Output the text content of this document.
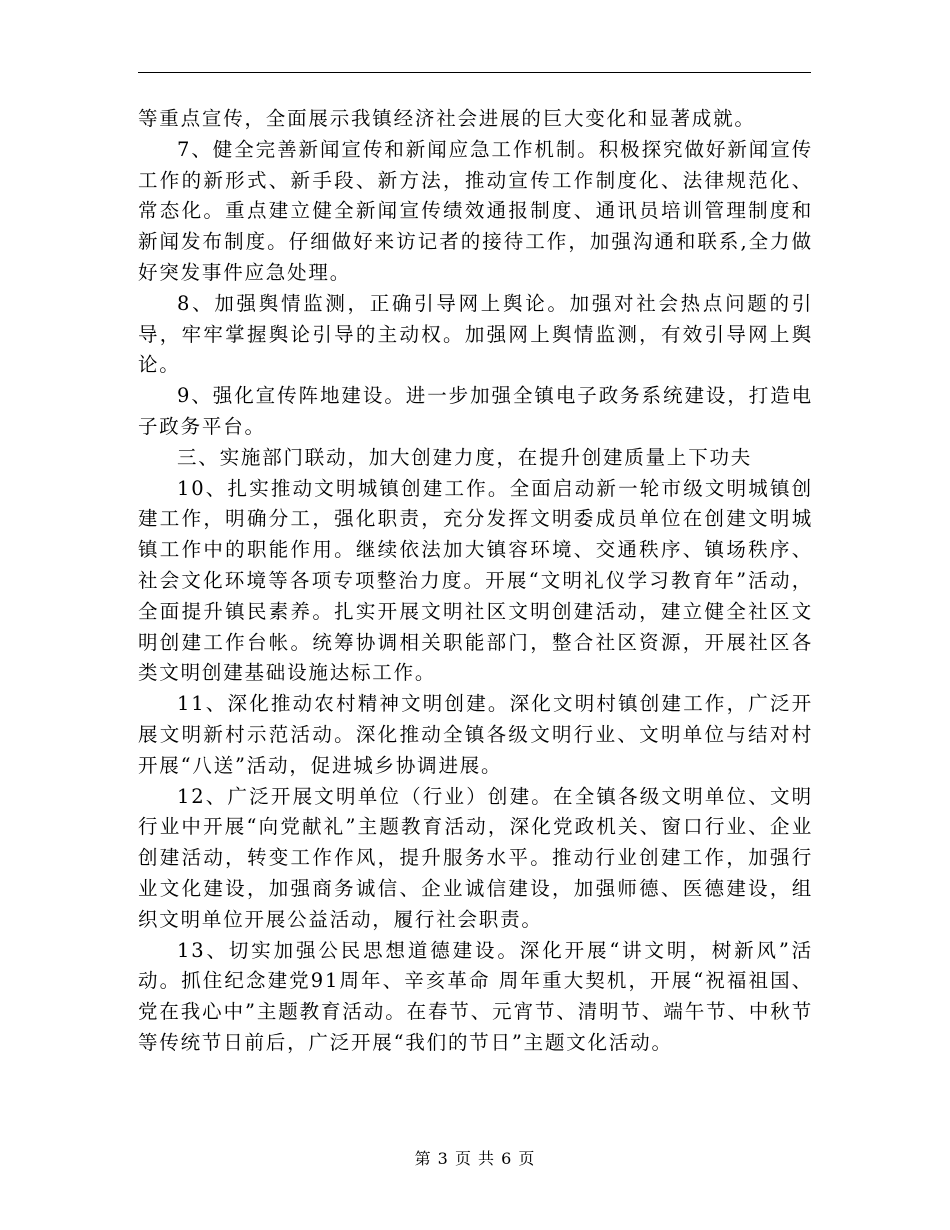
等重点宣传，全面展示我镇经济社会进展的巨大变化和显著成就。

7、健全完善新闻宣传和新闻应急工作机制。积极探究做好新闻宣传工作的新形式、新手段、新方法，推动宣传工作制度化、法律规范化、常态化。重点建立健全新闻宣传绩效通报制度、通讯员培训管理制度和新闻发布制度。仔细做好来访记者的接待工作，加强沟通和联系,全力做好突发事件应急处理。

8、加强舆情监测，正确引导网上舆论。加强对社会热点问题的引导，牢牢掌握舆论引导的主动权。加强网上舆情监测，有效引导网上舆论。

9、强化宣传阵地建设。进一步加强全镇电子政务系统建设，打造电子政务平台。

三、实施部门联动，加大创建力度，在提升创建质量上下功夫

10、扎实推动文明城镇创建工作。全面启动新一轮市级文明城镇创建工作，明确分工，强化职责，充分发挥文明委成员单位在创建文明城镇工作中的职能作用。继续依法加大镇容环境、交通秩序、镇场秩序、社会文化环境等各项专项整治力度。开展“文明礼仪学习教育年”活动，全面提升镇民素养。扎实开展文明社区文明创建活动，建立健全社区文明创建工作台帐。统筹协调相关职能部门，整合社区资源，开展社区各类文明创建基础设施达标工作。

11、深化推动农村精神文明创建。深化文明村镇创建工作，广泛开展文明新村示范活动。深化推动全镇各级文明行业、文明单位与结对村开展“八送”活动，促进城乡协调进展。

12、广泛开展文明单位（行业）创建。在全镇各级文明单位、文明行业中开展“向党献礼”主题教育活动，深化党政机关、窗口行业、企业创建活动，转变工作作风，提升服务水平。推动行业创建工作，加强行业文化建设，加强商务诚信、企业诚信建设，加强师德、医德建设，组织文明单位开展公益活动，履行社会职责。

13、切实加强公民思想道德建设。深化开展“讲文明，树新风”活动。抓住纪念建党91周年、辛亥革命 周年重大契机，开展“祝福祖国、党在我心中”主题教育活动。在春节、元宵节、清明节、端午节、中秋节等传统节日前后，广泛开展“我们的节日”主题文化活动。

第 3 页 共 6 页
